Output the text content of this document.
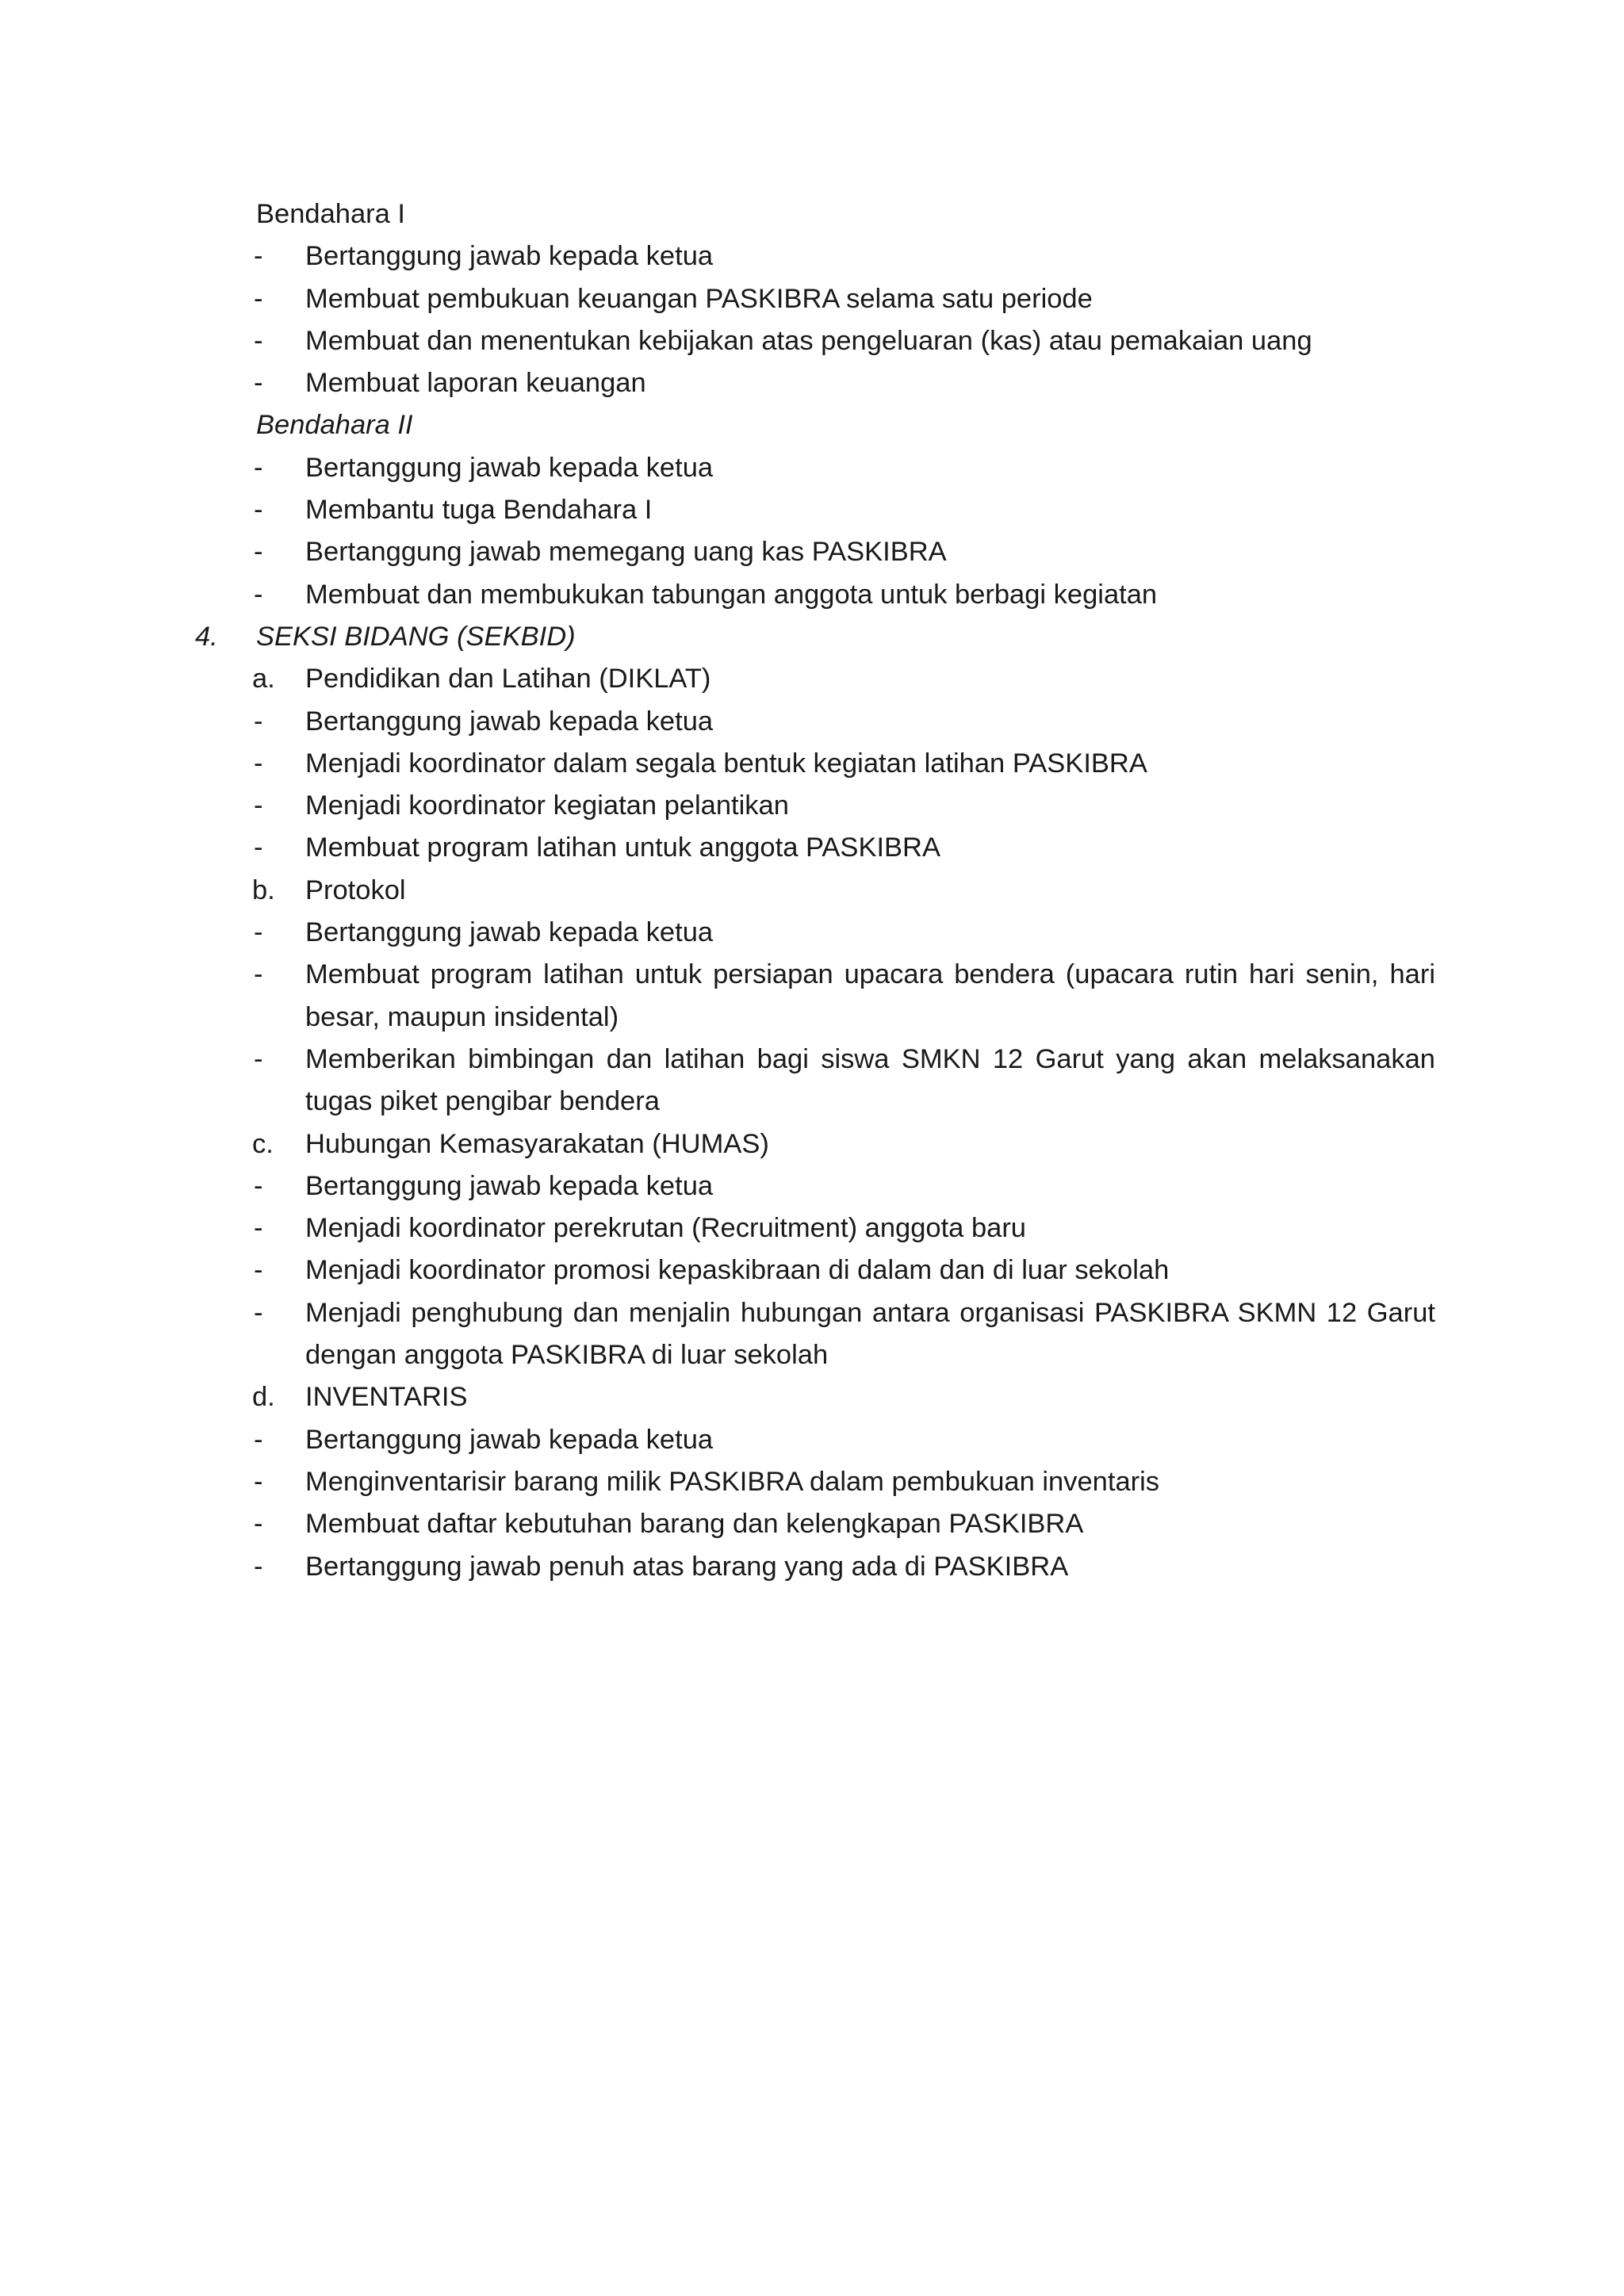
Bendahara I
-	Bertanggung jawab kepada ketua
-	Membuat pembukuan keuangan PASKIBRA selama satu periode
-	Membuat dan menentukan kebijakan atas pengeluaran (kas) atau pemakaian uang
-	Membuat laporan keuangan
Bendahara II
-	Bertanggung jawab kepada ketua
-	Membantu tuga Bendahara I
-	Bertanggung jawab memegang uang kas PASKIBRA
-	Membuat dan membukukan tabungan anggota untuk berbagi kegiatan
4.	SEKSI BIDANG (SEKBID)
a.	Pendidikan dan Latihan (DIKLAT)
-	Bertanggung jawab kepada ketua
-	Menjadi koordinator dalam segala bentuk kegiatan latihan PASKIBRA
-	Menjadi koordinator kegiatan pelantikan
-	Membuat program latihan untuk anggota PASKIBRA
b.	Protokol
-	Bertanggung jawab kepada ketua
-	Membuat program latihan untuk persiapan upacara bendera (upacara rutin hari senin, hari besar, maupun insidental)
-	Memberikan bimbingan dan latihan bagi siswa SMKN 12 Garut yang akan melaksanakan tugas piket pengibar bendera
c.	Hubungan Kemasyarakatan (HUMAS)
-	Bertanggung jawab kepada ketua
-	Menjadi koordinator perekrutan (Recruitment) anggota baru
-	Menjadi koordinator promosi kepaskibraan di dalam dan di luar sekolah
-	Menjadi penghubung dan menjalin hubungan antara organisasi PASKIBRA SKMN 12 Garut dengan anggota PASKIBRA di luar sekolah
d.	INVENTARIS
-	Bertanggung jawab kepada ketua
-	Menginventarisir barang milik PASKIBRA dalam pembukuan inventaris
-	Membuat daftar kebutuhan barang dan kelengkapan PASKIBRA
-	Bertanggung jawab penuh atas barang yang ada di PASKIBRA
